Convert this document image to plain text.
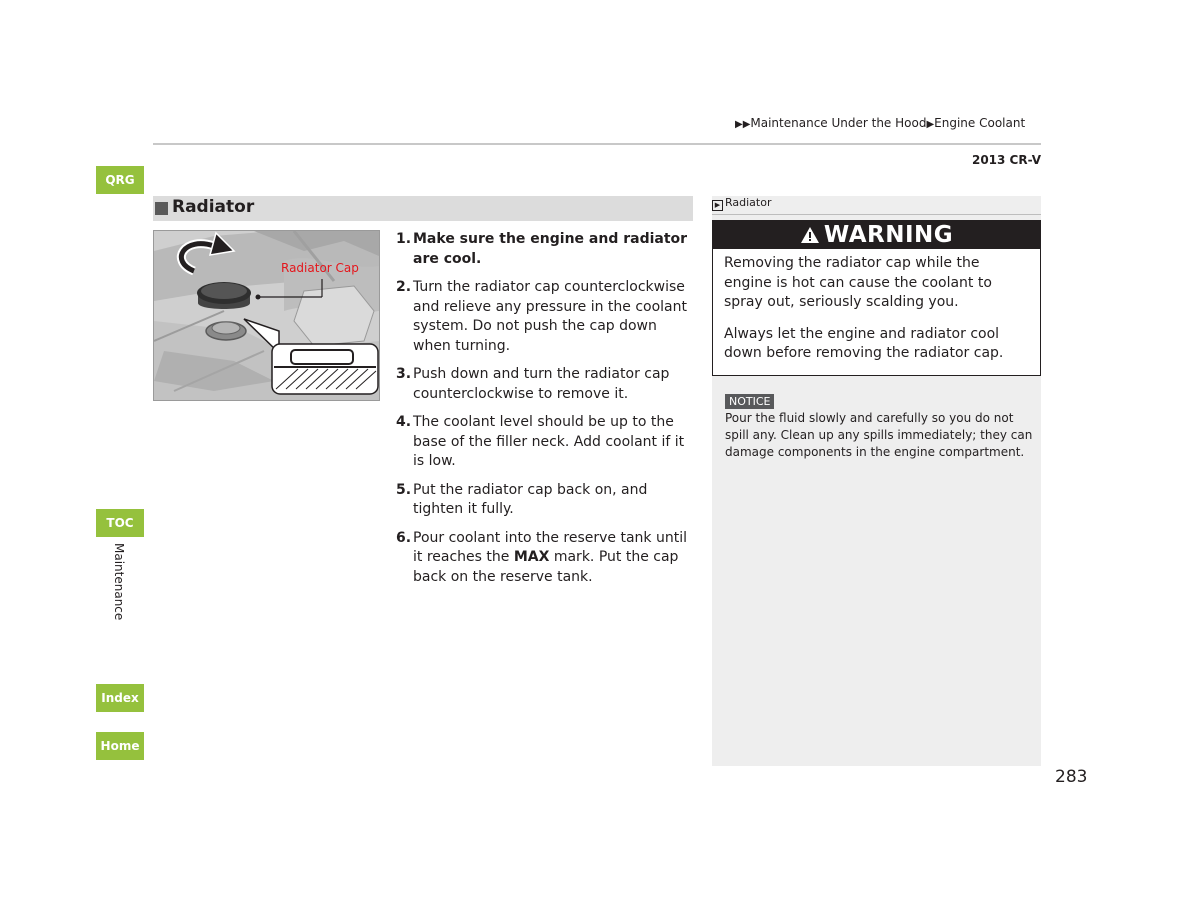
▶▶Maintenance Under the Hood▶Engine Coolant
2013 CR-V
QRG
TOC
Maintenance
Index
Home
Radiator
Radiator Cap
1. Make sure the engine and radiator are cool.
2. Turn the radiator cap counterclockwise and relieve any pressure in the coolant system. Do not push the cap down when turning.
3. Push down and turn the radiator cap counterclockwise to remove it.
4. The coolant level should be up to the base of the filler neck. Add coolant if it is low.
5. Put the radiator cap back on, and tighten it fully.
6. Pour coolant into the reserve tank until it reaches the MAX mark. Put the cap back on the reserve tank.
▶ Radiator
WARNING

Removing the radiator cap while the engine is hot can cause the coolant to spray out, seriously scalding you.

Always let the engine and radiator cool down before removing the radiator cap.

NOTICE
Pour the fluid slowly and carefully so you do not spill any. Clean up any spills immediately; they can damage components in the engine compartment.
283
